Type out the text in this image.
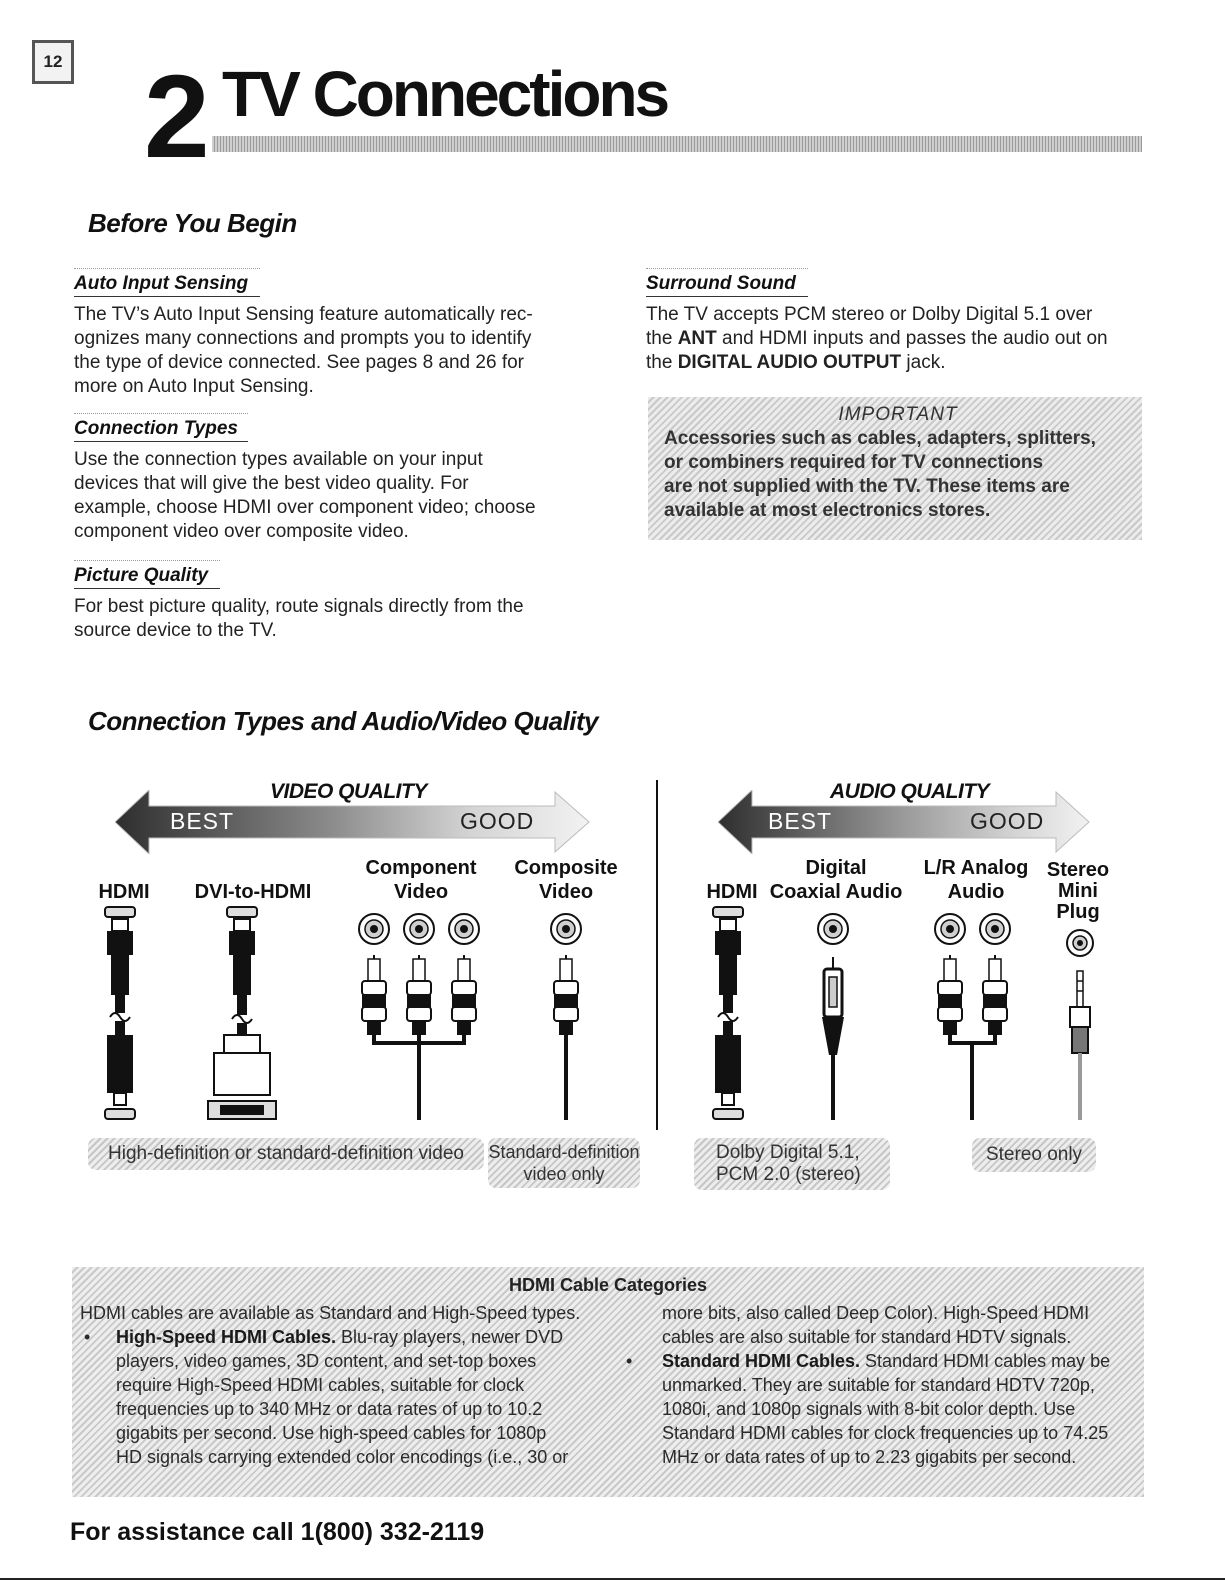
12 2 TV Connections
Before You Begin
Auto Input Sensing
The TV’s Auto Input Sensing feature automatically rec-
ognizes many connections and prompts you to identify
the type of device connected. See pages 8 and 26 for
more on Auto Input Sensing.
Connection Types
Use the connection types available on your input
devices that will give the best video quality. For
example, choose HDMI over component video; choose
component video over composite video.
Picture Quality
For best picture quality, route signals directly from the
source device to the TV.
Surround Sound
The TV accepts PCM stereo or Dolby Digital 5.1 over
the ANT and HDMI inputs and passes the audio out on
the DIGITAL AUDIO OUTPUT jack.
IMPORTANT
Accessories such as cables, adapters, splitters,
or combiners required for TV connections
are not supplied with the TV. These items are
available at most electronics stores.
Connection Types and Audio/Video Quality
VIDEO QUALITY
BEST	GOOD
AUDIO QUALITY
BEST	GOOD
HDMI	DVI-to-HDMI
Component
Video
Composite
Video	HDMI
Digital
Coaxial Audio
L/R Analog
Audio
Stereo
Mini
Plug
High-definition or standard-definition video	Standard-definition
video only
Dolby Digital 5.1,
PCM 2.0 (stereo)
Stereo only
HDMI Cable Categories
HDMI cables are available as Standard and High-Speed types.
• High-Speed HDMI Cables. Blu-ray players, newer DVD
players, video games, 3D content, and set-top boxes
require High-Speed HDMI cables, suitable for clock
frequencies up to 340 MHz or data rates of up to 10.2
gigabits per second. Use high-speed cables for 1080p
HD signals carrying extended color encodings (i.e., 30 or
more bits, also called Deep Color). High-Speed HDMI
cables are also suitable for standard HDTV signals.
• Standard HDMI Cables. Standard HDMI cables may be
unmarked. They are suitable for standard HDTV 720p,
1080i, and 1080p signals with 8-bit color depth. Use
Standard HDMI cables for clock frequencies up to 74.25
MHz or data rates of up to 2.23 gigabits per second.
For assistance call 1(800) 332-2119
